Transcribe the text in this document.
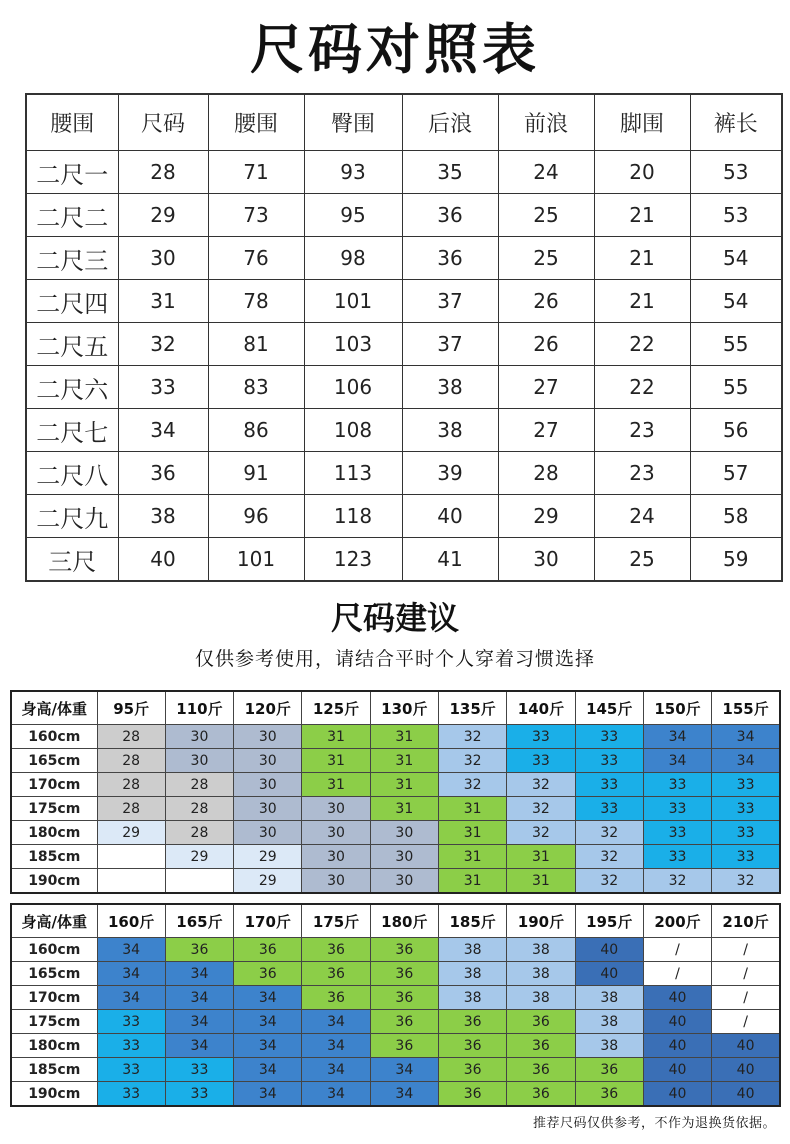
尺码对照表
腰围	尺码	腰围	臀围	后浪	前浪	脚围	裤长
二尺一	28	71	93	35	24	20	53
二尺二	29	73	95	36	25	21	53
二尺三	30	76	98	36	25	21	54
二尺四	31	78	101	37	26	21	54
二尺五	32	81	103	37	26	22	55
二尺六	33	83	106	38	27	22	55
二尺七	34	86	108	38	27	23	56
二尺八	36	91	113	39	28	23	57
二尺九	38	96	118	40	29	24	58
三尺	40	101	123	41	30	25	59
尺码建议
仅供参考使用，请结合平时个人穿着习惯选择
身高/体重	95斤	110斤	120斤	125斤	130斤	135斤	140斤	145斤	150斤	155斤
160cm	28	30	30	31	31	32	33	33	34	34
165cm	28	30	30	31	31	32	33	33	34	34
170cm	28	28	30	31	31	32	32	33	33	33
175cm	28	28	30	30	31	31	32	33	33	33
180cm	29	28	30	30	30	31	32	32	33	33
185cm		29	29	30	30	31	31	32	33	33
190cm			29	30	30	31	31	32	32	32
身高/体重	160斤	165斤	170斤	175斤	180斤	185斤	190斤	195斤	200斤	210斤
160cm	34	36	36	36	36	38	38	40	/	/
165cm	34	34	36	36	36	38	38	40	/	/
170cm	34	34	34	36	36	38	38	38	40	/
175cm	33	34	34	34	36	36	36	38	40	/
180cm	33	34	34	34	36	36	36	38	40	40
185cm	33	33	34	34	34	36	36	36	40	40
190cm	33	33	34	34	34	36	36	36	40	40
推荐尺码仅供参考，不作为退换货依据。
